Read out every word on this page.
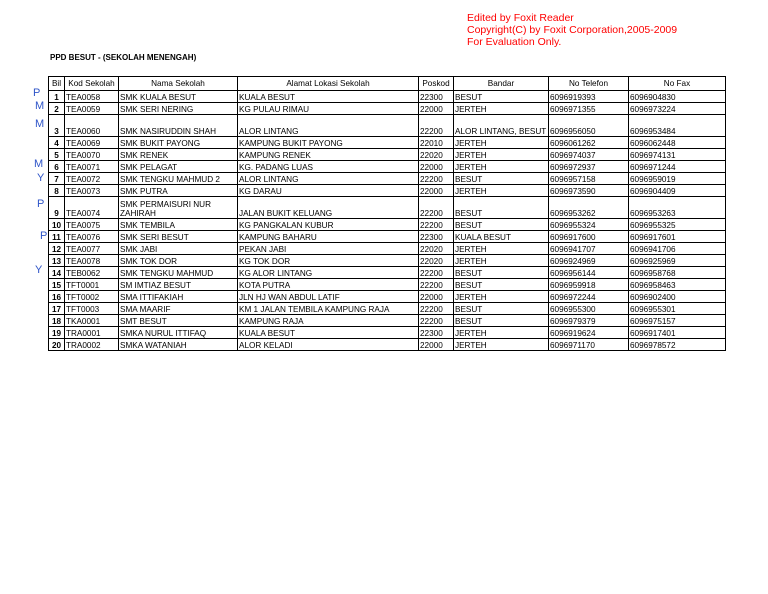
Edited by Foxit Reader
Copyright(C) by Foxit Corporation,2005-2009
For Evaluation Only.
PPD BESUT - (SEKOLAH MENENGAH)
P
M
M
M
Y
P
P
Y
Bil	Kod Sekolah	Nama Sekolah	Alamat Lokasi Sekolah	Poskod	Bandar	No Telefon	No Fax
1	TEA0058	SMK KUALA BESUT	KUALA BESUT	22300	BESUT	6096919393	6096904830
2	TEA0059	SMK SERI NERING	KG PULAU RIMAU	22000	JERTEH	6096971355	6096973224
3	TEA0060	SMK NASIRUDDIN SHAH	ALOR LINTANG	22200	ALOR LINTANG, BESUT	6096956050	6096953484
4	TEA0069	SMK BUKIT PAYONG	KAMPUNG BUKIT PAYONG	22010	JERTEH	6096061262	6096062448
5	TEA0070	SMK RENEK	KAMPUNG RENEK	22020	JERTEH	6096974037	6096974131
6	TEA0071	SMK PELAGAT	KG. PADANG LUAS	22000	JERTEH	6096972937	6096971244
7	TEA0072	SMK TENGKU MAHMUD 2	ALOR LINTANG	22200	BESUT	6096957158	6096959019
8	TEA0073	SMK PUTRA	KG DARAU	22000	JERTEH	6096973590	6096904409
9	TEA0074	SMK PERMAISURI NUR ZAHIRAH	JALAN BUKIT KELUANG	22200	BESUT	6096953262	6096953263
10	TEA0075	SMK TEMBILA	KG PANGKALAN KUBUR	22200	BESUT	6096955324	6096955325
11	TEA0076	SMK SERI BESUT	KAMPUNG BAHARU	22300	KUALA BESUT	6096917600	6096917601
12	TEA0077	SMK JABI	PEKAN JABI	22020	JERTEH	6096941707	6096941706
13	TEA0078	SMK TOK DOR	KG TOK DOR	22020	JERTEH	6096924969	6096925969
14	TEB0062	SMK TENGKU MAHMUD	KG ALOR LINTANG	22200	BESUT	6096956144	6096958768
15	TFT0001	SM IMTIAZ BESUT	KOTA PUTRA	22200	BESUT	6096959918	6096958463
16	TFT0002	SMA ITTIFAKIAH	JLN HJ WAN ABDUL LATIF	22000	JERTEH	6096972244	6096902400
17	TFT0003	SMA MAARIF	KM 1 JALAN TEMBILA KAMPUNG RAJA	22200	BESUT	6096955300	6096955301
18	TKA0001	SMT BESUT	KAMPUNG RAJA	22200	BESUT	6096979379	6096975157
19	TRA0001	SMKA NURUL ITTIFAQ	KUALA BESUT	22300	JERTEH	6096919624	6096917401
20	TRA0002	SMKA WATANIAH	ALOR KELADI	22000	JERTEH	6096971170	6096978572
